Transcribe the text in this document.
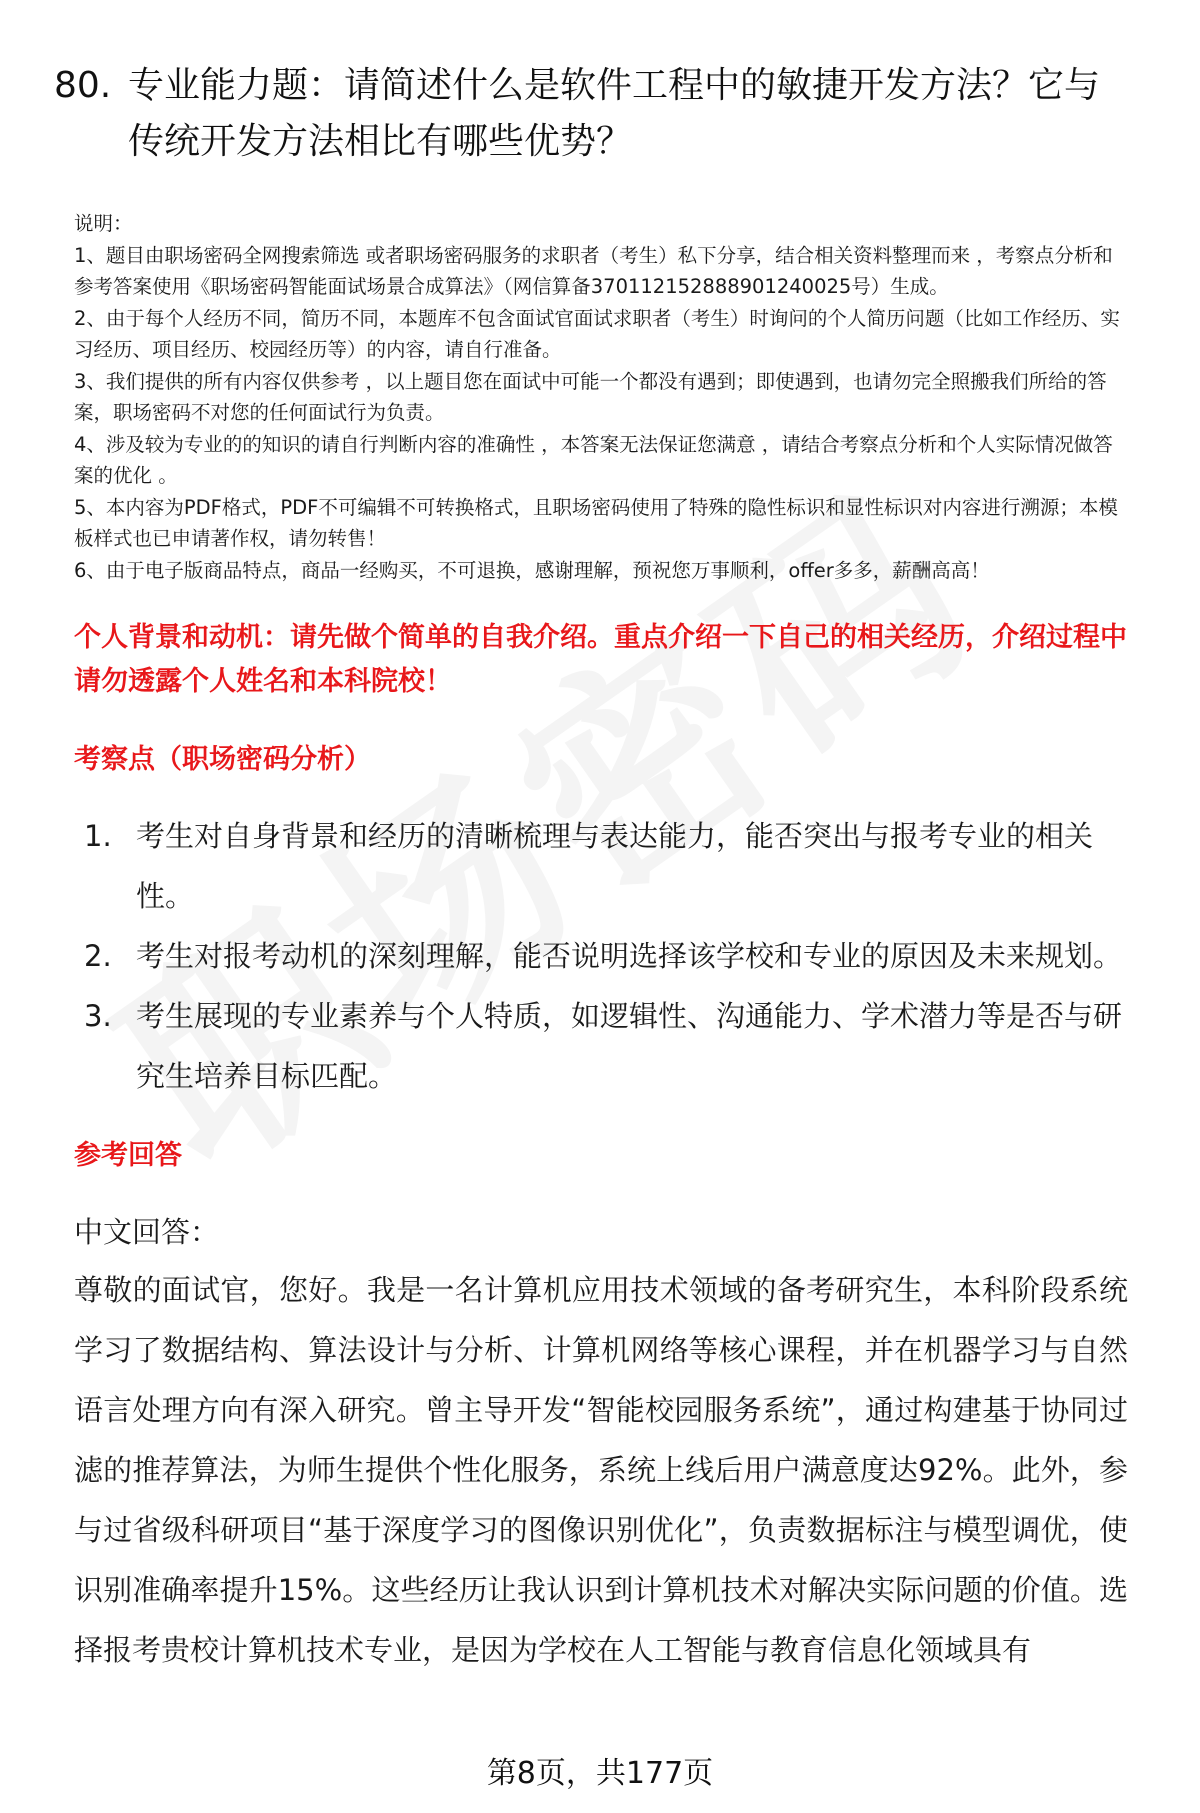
80. 专业能力题：请简述什么是软件工程中的敏捷开发方法？它与传统开发方法相比有哪些优势？

说明：

1、题目由职场密码全网搜索筛选 或者职场密码服务的求职者（考生）私下分享，结合相关资料整理而来 ，考察点分析和参考答案使用《职场密码智能面试场景合成算法》（网信算备370112152888901240025号）生成。

2、由于每个人经历不同，简历不同，本题库不包含面试官面试求职者（考生）时询问的个人简历问题（比如工作经历、实习经历、项目经历、校园经历等）的内容，请自行准备。

3、我们提供的所有内容仅供参考 ，以上题目您在面试中可能一个都没有遇到；即使遇到，也请勿完全照搬我们所给的答案，职场密码不对您的任何面试行为负责。

4、涉及较为专业的的知识的请自行判断内容的准确性 ，本答案无法保证您满意 ，请结合考察点分析和个人实际情况做答案的优化 。

5、本内容为PDF格式，PDF不可编辑不可转换格式，且职场密码使用了特殊的隐性标识和显性标识对内容进行溯源；本模板样式也已申请著作权，请勿转售！

6、由于电子版商品特点，商品一经购买，不可退换，感谢理解，预祝您万事顺利，offer多多，薪酬高高！

个人背景和动机：请先做个简单的自我介绍。重点介绍一下自己的相关经历，介绍过程中请勿透露个人姓名和本科院校！
考察点（职场密码分析）
1. 考生对自身背景和经历的清晰梳理与表达能力，能否突出与报考专业的相关性。
2. 考生对报考动机的深刻理解，能否说明选择该学校和专业的原因及未来规划。
3. 考生展现的专业素养与个人特质，如逻辑性、沟通能力、学术潜力等是否与研究生培养目标匹配。
参考回答
中文回答：
尊敬的面试官，您好。我是一名计算机应用技术领域的备考研究生，本科阶段系统学习了数据结构、算法设计与分析、计算机网络等核心课程，并在机器学习与自然语言处理方向有深入研究。曾主导开发“智能校园服务系统”，通过构建基于协同过滤的推荐算法，为师生提供个性化服务，系统上线后用户满意度达92%。此外，参与过省级科研项目“基于深度学习的图像识别优化”，负责数据标注与模型调优，使识别准确率提升15%。这些经历让我认识到计算机技术对解决实际问题的价值。选择报考贵校计算机技术专业，是因为学校在人工智能与教育信息化领域具有
第8页，共177页
